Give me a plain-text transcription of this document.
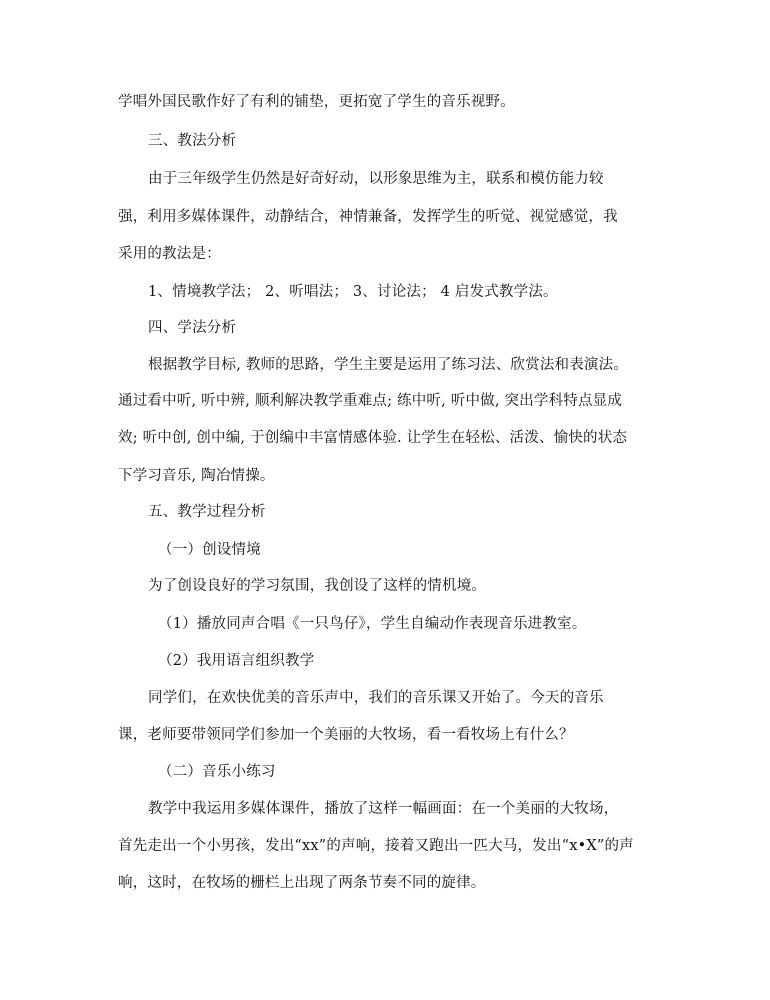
学唱外国民歌作好了有利的铺垫，更拓宽了学生的音乐视野。
三、教法分析
由于三年级学生仍然是好奇好动，以形象思维为主，联系和模仿能力较
强，利用多媒体课件，动静结合，神情兼备，发挥学生的听觉、视觉感觉，我
采用的教法是：
1、情境教学法； 2、听唱法； 3、讨论法； 4 启发式教学法。
四、学法分析
根据教学目标, 教师的思路，学生主要是运用了练习法、欣赏法和表演法。
通过看中听, 听中辨, 顺利解决教学重难点; 练中听, 听中做, 突出学科特点显成
效; 听中创, 创中编, 于创编中丰富情感体验. 让学生在轻松、活泼、愉快的状态
下学习音乐, 陶冶情操。
五、教学过程分析
（一）创设情境
为了创设良好的学习氛围，我创设了这样的情机境。
（1）播放同声合唱《一只鸟仔》，学生自编动作表现音乐进教室。
（2）我用语言组织教学
同学们，在欢快优美的音乐声中，我们的音乐课又开始了。今天的音乐
课，老师要带领同学们参加一个美丽的大牧场，看一看牧场上有什么？
（二）音乐小练习
教学中我运用多媒体课件，播放了这样一幅画面：在一个美丽的大牧场，
首先走出一个小男孩，发出“xx”的声响，接着又跑出一匹大马，发出“x•X”的声
响，这时，在牧场的栅栏上出现了两条节奏不同的旋律。
